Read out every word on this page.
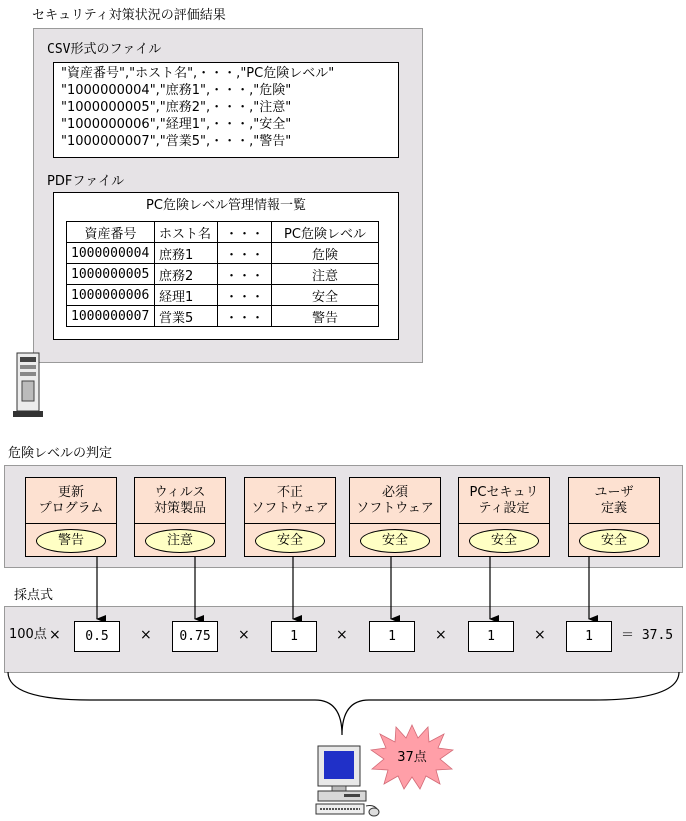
セキュリティ対策状況の評価結果
CSV形式のファイル
"資産番号","ホスト名",・・・,"PC危険レベル"
"1000000004","庶務1",・・・,"危険"
"1000000005","庶務2",・・・,"注意"
"1000000006","経理1",・・・,"安全"
"1000000007","営業5",・・・,"警告"
PDFファイル
PC危険レベル管理情報一覧
資産番号	ホスト名	・・・	PC危険レベル
1000000004	庶務1	・・・	危険
1000000005	庶務2	・・・	注意
1000000006	経理1	・・・	安全
1000000007	営業5	・・・	警告
危険レベルの判定
更新
プログラム
警告
ウィルス
対策製品
注意
不正
ソフトウェア
安全
必須
ソフトウェア
安全
PCセキュリ
ティ設定
安全
ユーザ
定義
安全
採点式
100点 ×	0.5	×	0.75	×	1	×	1	×	1	×	1	＝ 37.5
37点
